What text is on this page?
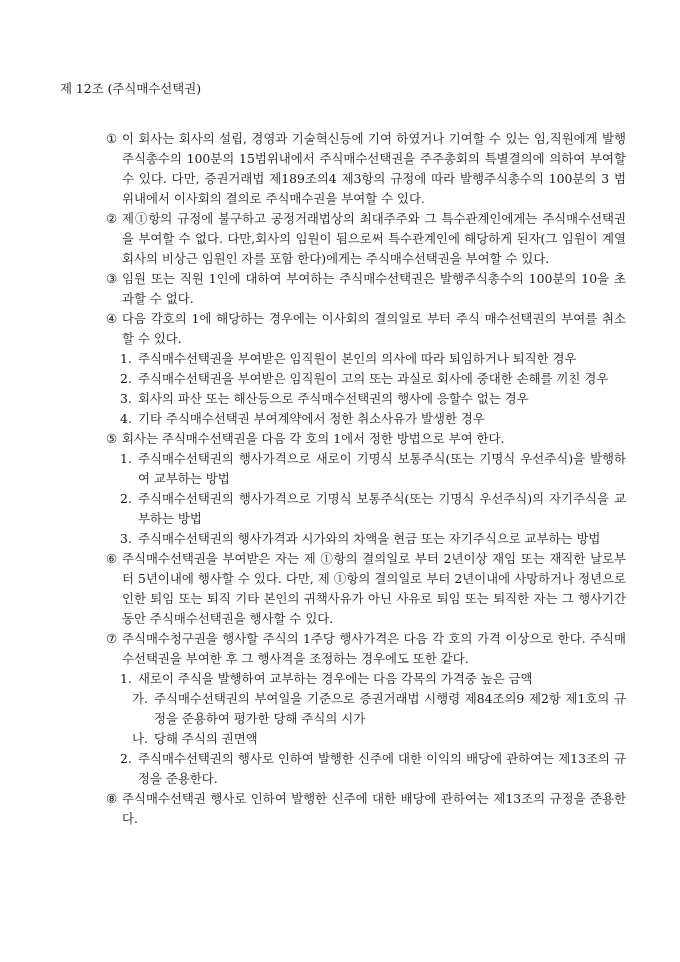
제 12조 (주식매수선택권)
① 이 회사는 회사의 설립, 경영과 기술혁신등에 기여 하였거나 기여할 수 있는 임,직원에게 발행주식총수의 100분의 15범위내에서 주식매수선택권을 주주총회의 특별결의에 의하여 부여할 수 있다. 다만, 증권거래법 제189조의4 제3항의 규정에 따라 발행주식총수의 100분의 3 범위내에서 이사회의 결의로 주식매수권을 부여할 수 있다.
② 제①항의 규정에 불구하고 공정거래법상의 최대주주와 그 특수관계인에게는 주식매수선택권을 부여할 수 없다. 다만,회사의 임원이 됨으로써 특수관계인에 해당하게 된자(그 임원이 계열회사의 비상근 임원인 자를 포함 한다)에게는 주식매수선택권을 부여할 수 있다.
③ 임원 또는 직원 1인에 대하여 부여하는 주식매수선택권은 발행주식총수의 100분의 10을 초과할 수 없다.
④ 다음 각호의 1에 해당하는 경우에는 이사회의 결의일로 부터 주식 매수선택권의 부여를 취소 할 수 있다.
1. 주식매수선택권을 부여받은 임직원이 본인의 의사에 따라 퇴임하거나 퇴직한 경우
2. 주식매수선택권을 부여받은 임직원이 고의 또는 과실로 회사에 중대한 손해를 끼친 경우
3. 회사의 파산 또는 해산등으로 주식매수선택권의 행사에 응할수 없는 경우
4. 기타 주식매수선택권 부여계약에서 정한 취소사유가 발생한 경우
⑤ 회사는 주식매수선택권을 다음 각 호의 1에서 정한 방법으로 부여 한다.
1. 주식매수선택권의 행사가격으로 새로이 기명식 보통주식(또는 기명식 우선주식)을 발행하여 교부하는 방법
2. 주식매수선택권의 행사가격으로 기명식 보통주식(또는 기명식 우선주식)의 자기주식을 교부하는 방법
3. 주식매수선택권의 행사가격과 시가와의 차액을 현금 또는 자기주식으로 교부하는 방법
⑥ 주식매수선택권을 부여받은 자는 제 ①항의 결의일로 부터 2년이상 재임 또는 재직한 날로부터 5년이내에 행사할 수 있다. 다만, 제 ①항의 결의일로 부터 2년이내에 사망하거나 정년으로 인한 퇴임 또는 퇴직 기타 본인의 귀책사유가 아닌 사유로 퇴임 또는 퇴직한 자는 그 행사기간동안 주식매수선택권을 행사할 수 있다.
⑦ 주식매수청구권을 행사할 주식의 1주당 행사가격은 다음 각 호의 가격 이상으로 한다. 주식매수선택권을 부여한 후 그 행사격을 조정하는 경우에도 또한 같다.
1. 새로이 주식을 발행하여 교부하는 경우에는 다음 각목의 가격중 높은 금액
가. 주식매수선택권의 부여일을 기준으로 증권거래법 시행령 제84조의9 제2항 제1호의 규정을 준용하여 평가한 당해 주식의 시가
나. 당해 주식의 권면액
2. 주식매수선택권의 행사로 인하여 발행한 신주에 대한 이익의 배당에 관하여는 제13조의 규정을 준용한다.
⑧ 주식매수선택권 행사로 인하여 발행한 신주에 대한 배당에 관하여는 제13조의 규정을 준용한다.
